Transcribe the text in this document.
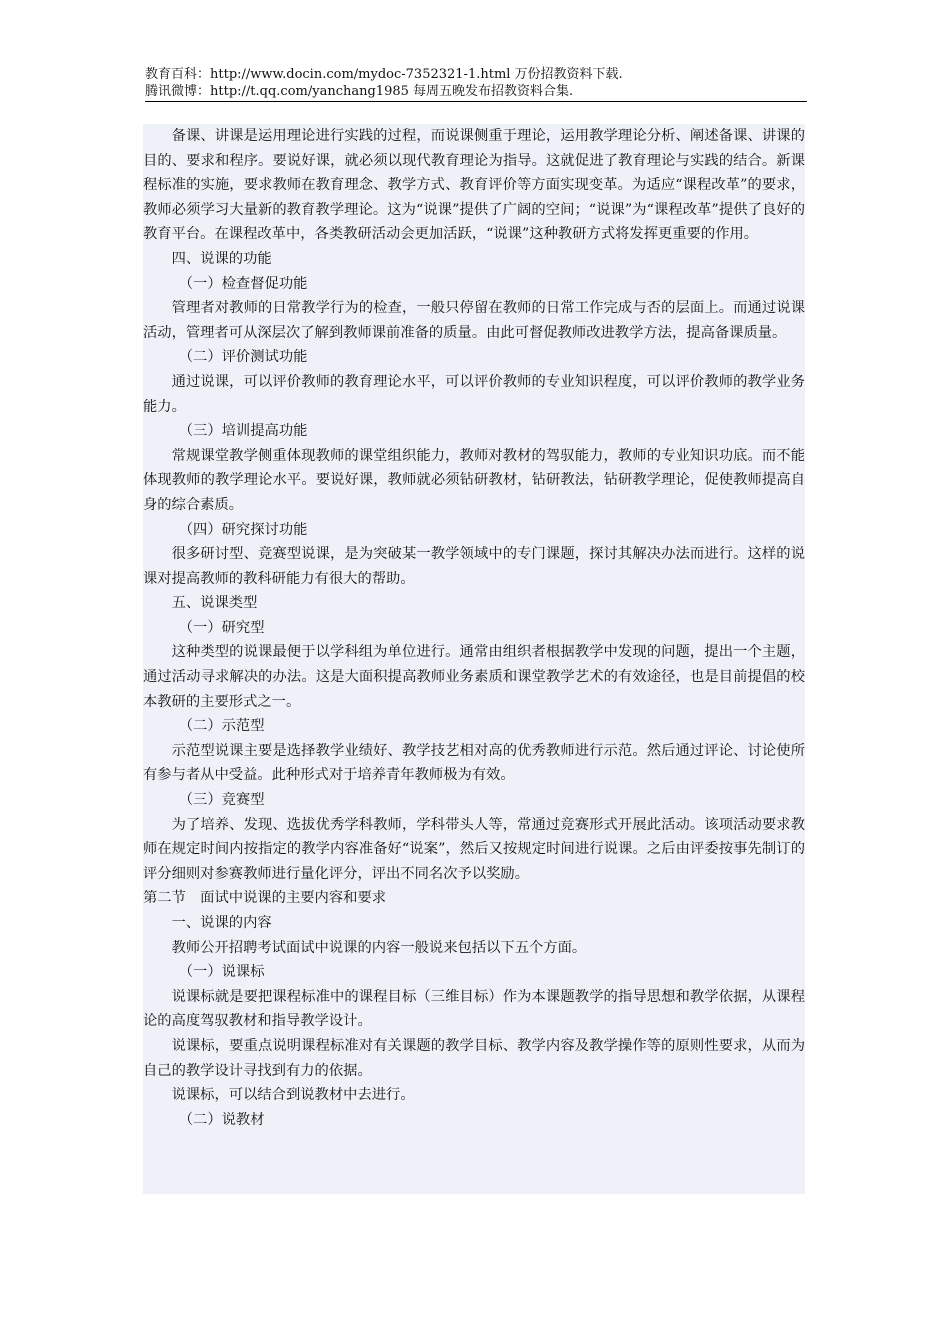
教育百科：http://www.docin.com/mydoc-7352321-1.html 万份招教资料下载.
腾讯微博：http://t.qq.com/yanchang1985 每周五晚发布招教资料合集.

备课、讲课是运用理论进行实践的过程，而说课侧重于理论，运用教学理论分析、阐述备课、讲课的目的、要求和程序。要说好课，就必须以现代教育理论为指导。这就促进了教育理论与实践的结合。新课程标准的实施，要求教师在教育理念、教学方式、教育评价等方面实现变革。为适应“课程改革”的要求，教师必须学习大量新的教育教学理论。这为“说课”提供了广阔的空间；“说课”为“课程改革”提供了良好的教育平台。在课程改革中，各类教研活动会更加活跃，“说课”这种教研方式将发挥更重要的作用。

四、说课的功能

（一）检查督促功能

管理者对教师的日常教学行为的检查，一般只停留在教师的日常工作完成与否的层面上。而通过说课活动，管理者可从深层次了解到教师课前准备的质量。由此可督促教师改进教学方法，提高备课质量。

（二）评价测试功能

通过说课，可以评价教师的教育理论水平，可以评价教师的专业知识程度，可以评价教师的教学业务能力。

（三）培训提高功能

常规课堂教学侧重体现教师的课堂组织能力，教师对教材的驾驭能力，教师的专业知识功底。而不能体现教师的教学理论水平。要说好课，教师就必须钻研教材，钻研教法，钻研教学理论，促使教师提高自身的综合素质。

（四）研究探讨功能

很多研讨型、竞赛型说课，是为突破某一教学领域中的专门课题，探讨其解决办法而进行。这样的说课对提高教师的教科研能力有很大的帮助。

五、说课类型

（一）研究型

这种类型的说课最便于以学科组为单位进行。通常由组织者根据教学中发现的问题，提出一个主题，通过活动寻求解决的办法。这是大面积提高教师业务素质和课堂教学艺术的有效途径，也是目前提倡的校本教研的主要形式之一。

（二）示范型

示范型说课主要是选择教学业绩好、教学技艺相对高的优秀教师进行示范。然后通过评论、讨论使所有参与者从中受益。此种形式对于培养青年教师极为有效。

（三）竞赛型

为了培养、发现、选拔优秀学科教师，学科带头人等，常通过竞赛形式开展此活动。该项活动要求教师在规定时间内按指定的教学内容准备好“说案”，然后又按规定时间进行说课。之后由评委按事先制订的评分细则对参赛教师进行量化评分，评出不同名次予以奖励。

第二节　面试中说课的主要内容和要求

一、说课的内容

教师公开招聘考试面试中说课的内容一般说来包括以下五个方面。

（一）说课标

说课标就是要把课程标准中的课程目标（三维目标）作为本课题教学的指导思想和教学依据，从课程论的高度驾驭教材和指导教学设计。

说课标，要重点说明课程标准对有关课题的教学目标、教学内容及教学操作等的原则性要求，从而为自己的教学设计寻找到有力的依据。

说课标，可以结合到说教材中去进行。

（二）说教材
